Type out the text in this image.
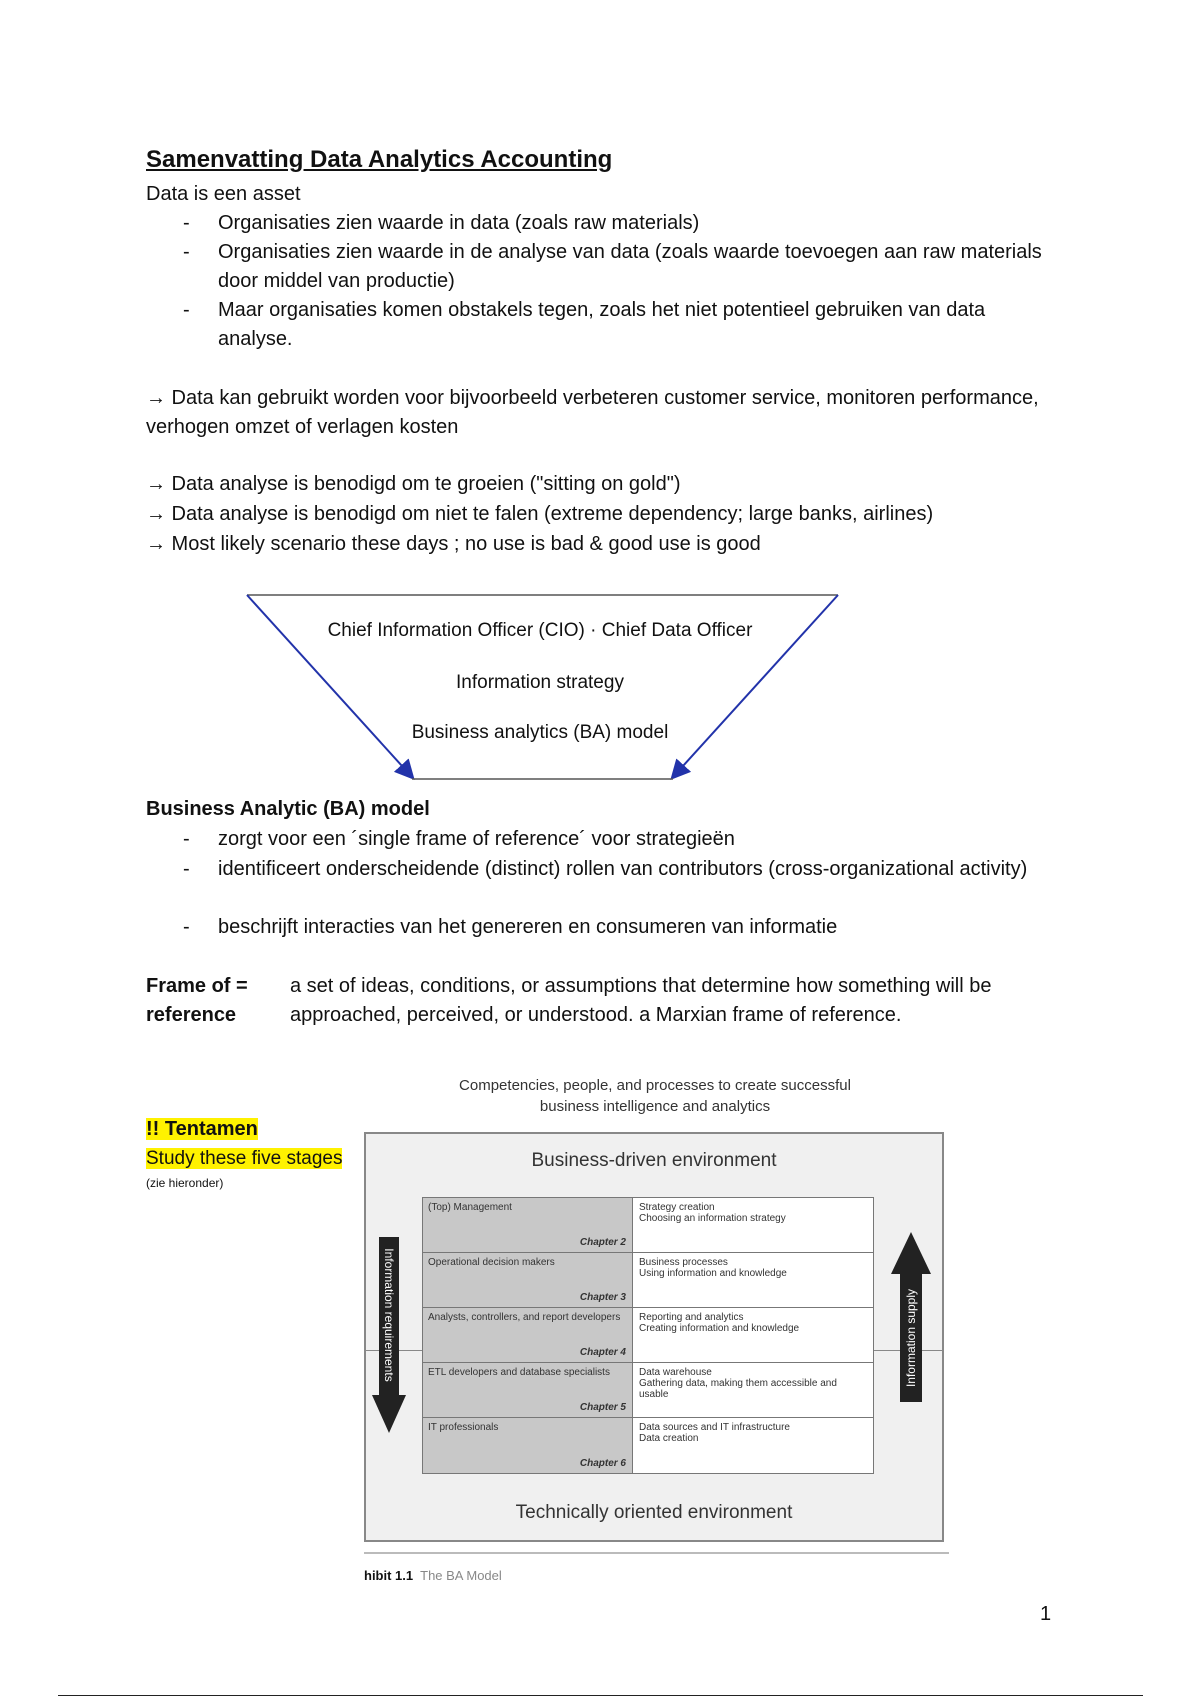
Samenvatting Data Analytics Accounting
Data is een asset
- Organisaties zien waarde in data (zoals raw materials)
- Organisaties zien waarde in de analyse van data (zoals waarde toevoegen aan raw materials door middel van productie)
- Maar organisaties komen obstakels tegen, zoals het niet potentieel gebruiken van data analyse.
→ Data kan gebruikt worden voor bijvoorbeeld verbeteren customer service, monitoren performance, verhogen omzet of verlagen kosten
→ Data analyse is benodigd om te groeien ("sitting on gold")
→ Data analyse is benodigd om niet te falen (extreme dependency; large banks, airlines)
→ Most likely scenario these days ; no use is bad & good use is good
Chief Information Officer (CIO) · Chief Data Officer
Information strategy
Business analytics (BA) model
Business Analytic (BA) model
- zorgt voor een ´single frame of reference´ voor strategieën
- identificeert onderscheidende (distinct) rollen van contributors (cross-organizational activity)
- beschrijft interacties van het genereren en consumeren van informatie
Frame of = reference
a set of ideas, conditions, or assumptions that determine how something will be approached, perceived, or understood. a Marxian frame of reference.
!! Tentamen
Study these five stages
(zie hieronder)
Competencies, people, and processes to create successful business intelligence and analytics
Business-driven environment
Technically oriented environment
(Top) Management
Chapter 2
Strategy creation
Choosing an information strategy
Operational decision makers
Chapter 3
Business processes
Using information and knowledge
Analysts, controllers, and report developers
Chapter 4
Reporting and analytics
Creating information and knowledge
ETL developers and database specialists
Chapter 5
Data warehouse
Gathering data, making them accessible and usable
IT professionals
Chapter 6
Data sources and IT infrastructure
Data creation
Information requirements	Information supply
hibit 1.1 The BA Model
1
